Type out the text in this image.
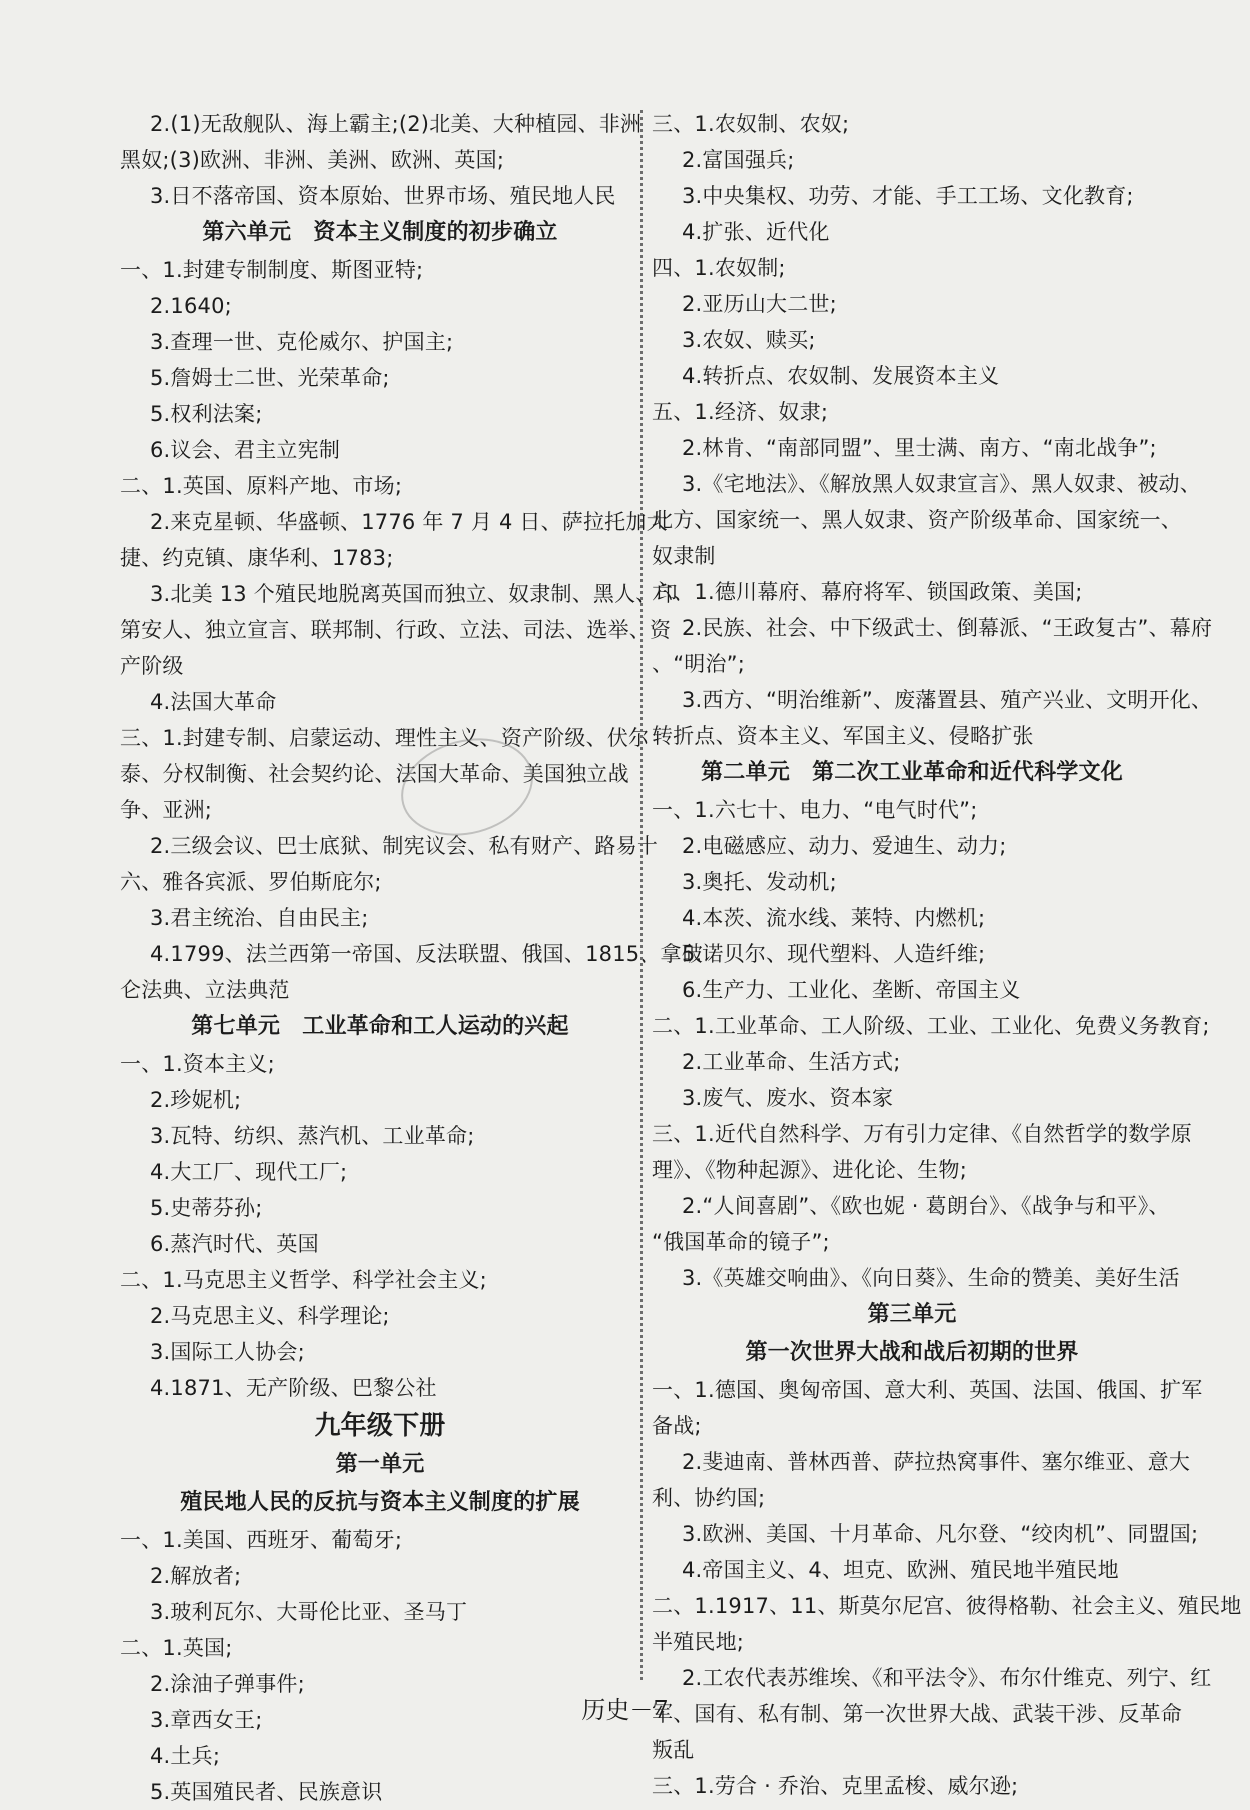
2.(1)无敌舰队、海上霸主;(2)北美、大种植园、非洲
黑奴;(3)欧洲、非洲、美洲、欧洲、英国;
3.日不落帝国、资本原始、世界市场、殖民地人民
第六单元　资本主义制度的初步确立
一、1.封建专制制度、斯图亚特;
2.1640;
3.查理一世、克伦威尔、护国主;
5.詹姆士二世、光荣革命;
5.权利法案;
6.议会、君主立宪制
二、1.英国、原料产地、市场;
2.来克星顿、华盛顿、1776 年 7 月 4 日、萨拉托加大
捷、约克镇、康华利、1783;
3.北美 13 个殖民地脱离英国而独立、奴隶制、黑人、印
第安人、独立宣言、联邦制、行政、立法、司法、选举、资
产阶级
4.法国大革命
三、1.封建专制、启蒙运动、理性主义、资产阶级、伏尔
泰、分权制衡、社会契约论、法国大革命、美国独立战
争、亚洲;
2.三级会议、巴士底狱、制宪议会、私有财产、路易十
六、雅各宾派、罗伯斯庇尔;
3.君主统治、自由民主;
4.1799、法兰西第一帝国、反法联盟、俄国、1815、拿破
仑法典、立法典范
第七单元　工业革命和工人运动的兴起
一、1.资本主义;
2.珍妮机;
3.瓦特、纺织、蒸汽机、工业革命;
4.大工厂、现代工厂;
5.史蒂芬孙;
6.蒸汽时代、英国
二、1.马克思主义哲学、科学社会主义;
2.马克思主义、科学理论;
3.国际工人协会;
4.1871、无产阶级、巴黎公社
九年级下册
第一单元
殖民地人民的反抗与资本主义制度的扩展
一、1.美国、西班牙、葡萄牙;
2.解放者;
3.玻利瓦尔、大哥伦比亚、圣马丁
二、1.英国;
2.涂油子弹事件;
3.章西女王;
4.土兵;
5.英国殖民者、民族意识
三、1.农奴制、农奴;
2.富国强兵;
3.中央集权、功劳、才能、手工工场、文化教育;
4.扩张、近代化
四、1.农奴制;
2.亚历山大二世;
3.农奴、赎买;
4.转折点、农奴制、发展资本主义
五、1.经济、奴隶;
2.林肯、“南部同盟”、里士满、南方、“南北战争”;
3.《宅地法》、《解放黑人奴隶宣言》、黑人奴隶、被动、
北方、国家统一、黑人奴隶、资产阶级革命、国家统一、
奴隶制
六、1.德川幕府、幕府将军、锁国政策、美国;
2.民族、社会、中下级武士、倒幕派、“王政复古”、幕府
、“明治”;
3.西方、“明治维新”、废藩置县、殖产兴业、文明开化、
转折点、资本主义、军国主义、侵略扩张
第二单元　第二次工业革命和近代科学文化
一、1.六七十、电力、“电气时代”;
2.电磁感应、动力、爱迪生、动力;
3.奥托、发动机;
4.本茨、流水线、莱特、内燃机;
5.诺贝尔、现代塑料、人造纤维;
6.生产力、工业化、垄断、帝国主义
二、1.工业革命、工人阶级、工业、工业化、免费义务教育;
2.工业革命、生活方式;
3.废气、废水、资本家
三、1.近代自然科学、万有引力定律、《自然哲学的数学原
理》、《物种起源》、进化论、生物;
2.“人间喜剧”、《欧也妮 · 葛朗台》、《战争与和平》、
“俄国革命的镜子”;
3.《英雄交响曲》、《向日葵》、生命的赞美、美好生活
第三单元
第一次世界大战和战后初期的世界
一、1.德国、奥匈帝国、意大利、英国、法国、俄国、扩军
备战;
2.斐迪南、普林西普、萨拉热窝事件、塞尔维亚、意大
利、协约国;
3.欧洲、美国、十月革命、凡尔登、“绞肉机”、同盟国;
4.帝国主义、4、坦克、欧洲、殖民地半殖民地
二、1.1917、11、斯莫尔尼宫、彼得格勒、社会主义、殖民地
半殖民地;
2.工农代表苏维埃、《和平法令》、布尔什维克、列宁、红
军、国有、私有制、第一次世界大战、武装干涉、反革命
叛乱
三、1.劳合 · 乔治、克里孟梭、威尔逊;
历史－7
